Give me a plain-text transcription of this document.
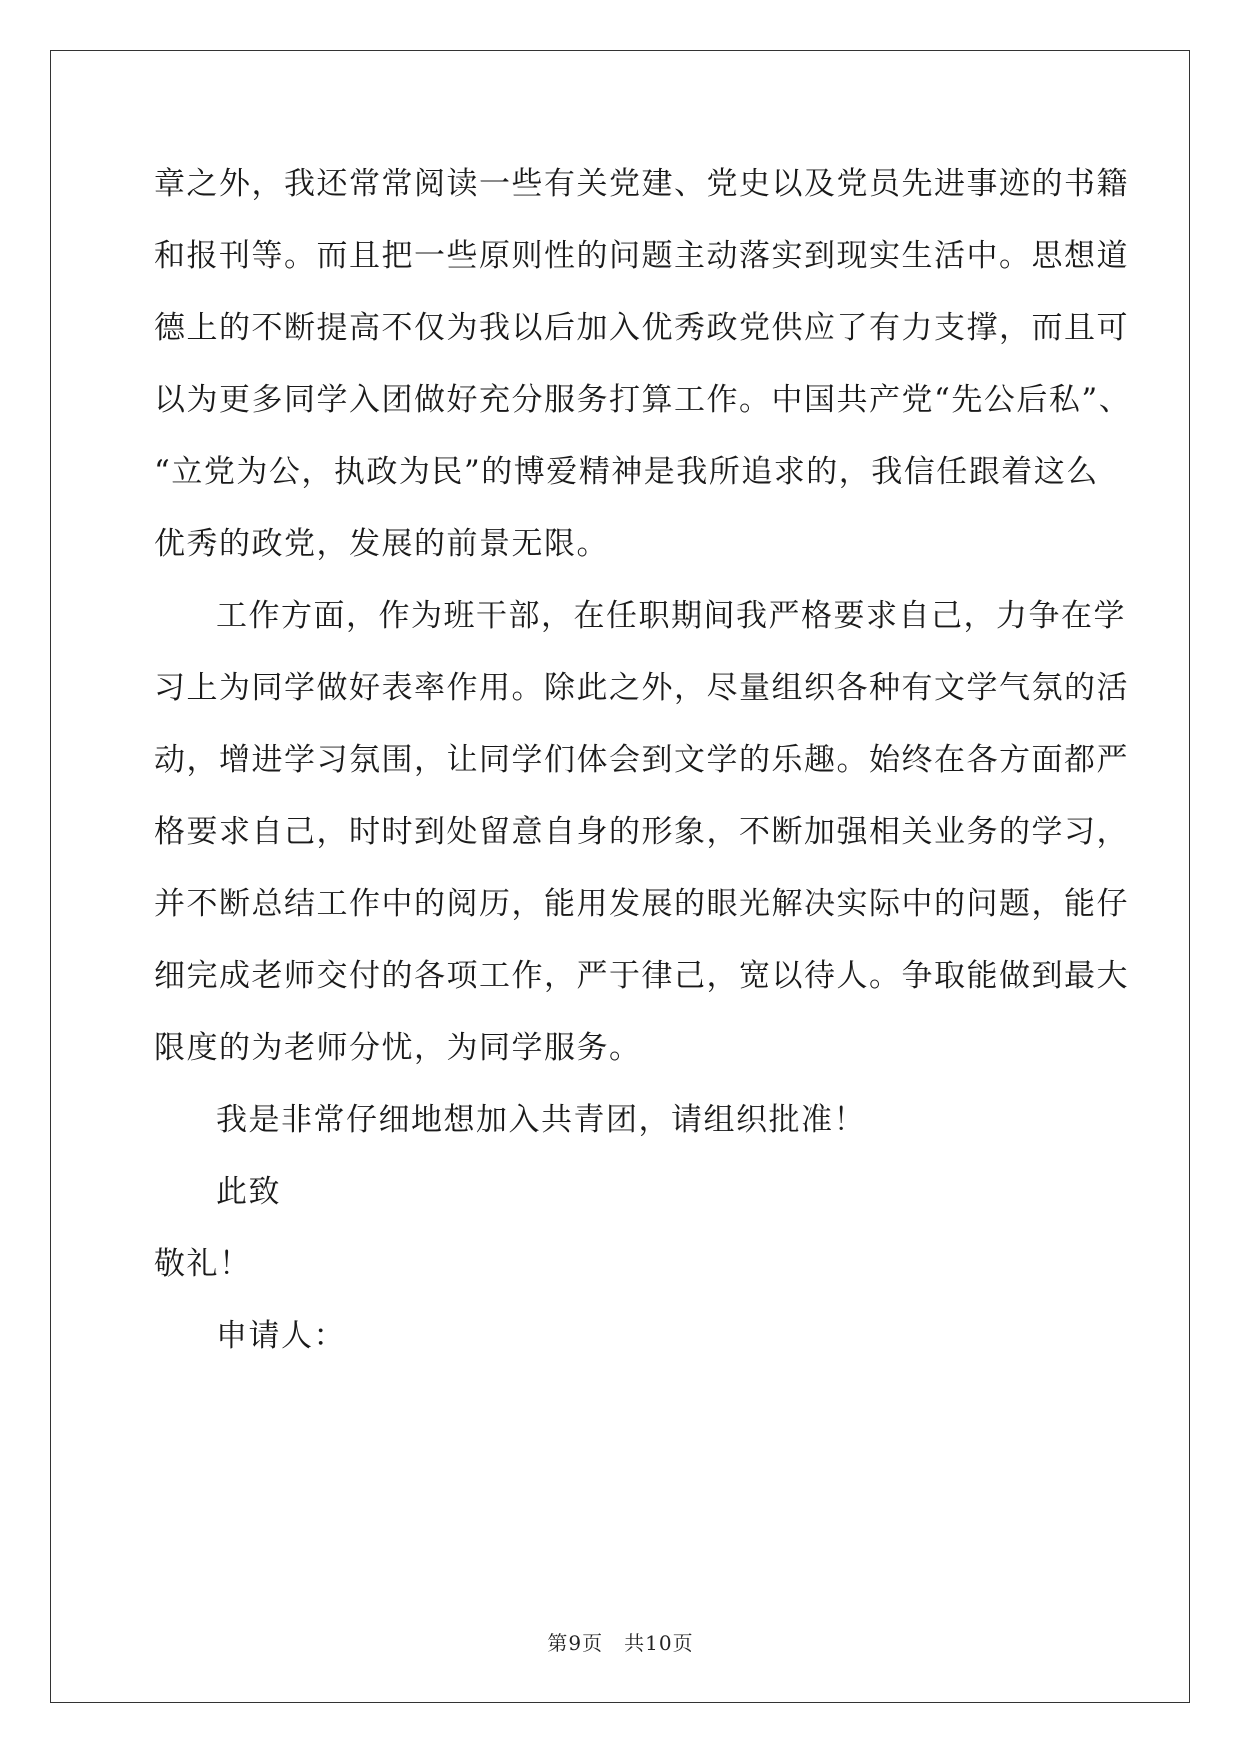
章之外，我还常常阅读一些有关党建、党史以及党员先进事迹的书籍
和报刊等。而且把一些原则性的问题主动落实到现实生活中。思想道
德上的不断提高不仅为我以后加入优秀政党供应了有力支撑，而且可
以为更多同学入团做好充分服务打算工作。中国共产党“先公后私”、
“立党为公，执政为民”的博爱精神是我所追求的，我信任跟着这么
优秀的政党，发展的前景无限。
工作方面，作为班干部，在任职期间我严格要求自己，力争在学
习上为同学做好表率作用。除此之外，尽量组织各种有文学气氛的活
动，增进学习氛围，让同学们体会到文学的乐趣。始终在各方面都严
格要求自己，时时到处留意自身的形象，不断加强相关业务的学习，
并不断总结工作中的阅历，能用发展的眼光解决实际中的问题，能仔
细完成老师交付的各项工作，严于律己，宽以待人。争取能做到最大
限度的为老师分忧，为同学服务。
我是非常仔细地想加入共青团，请组织批准！
此致
敬礼！
申请人：
第9页　共10页
